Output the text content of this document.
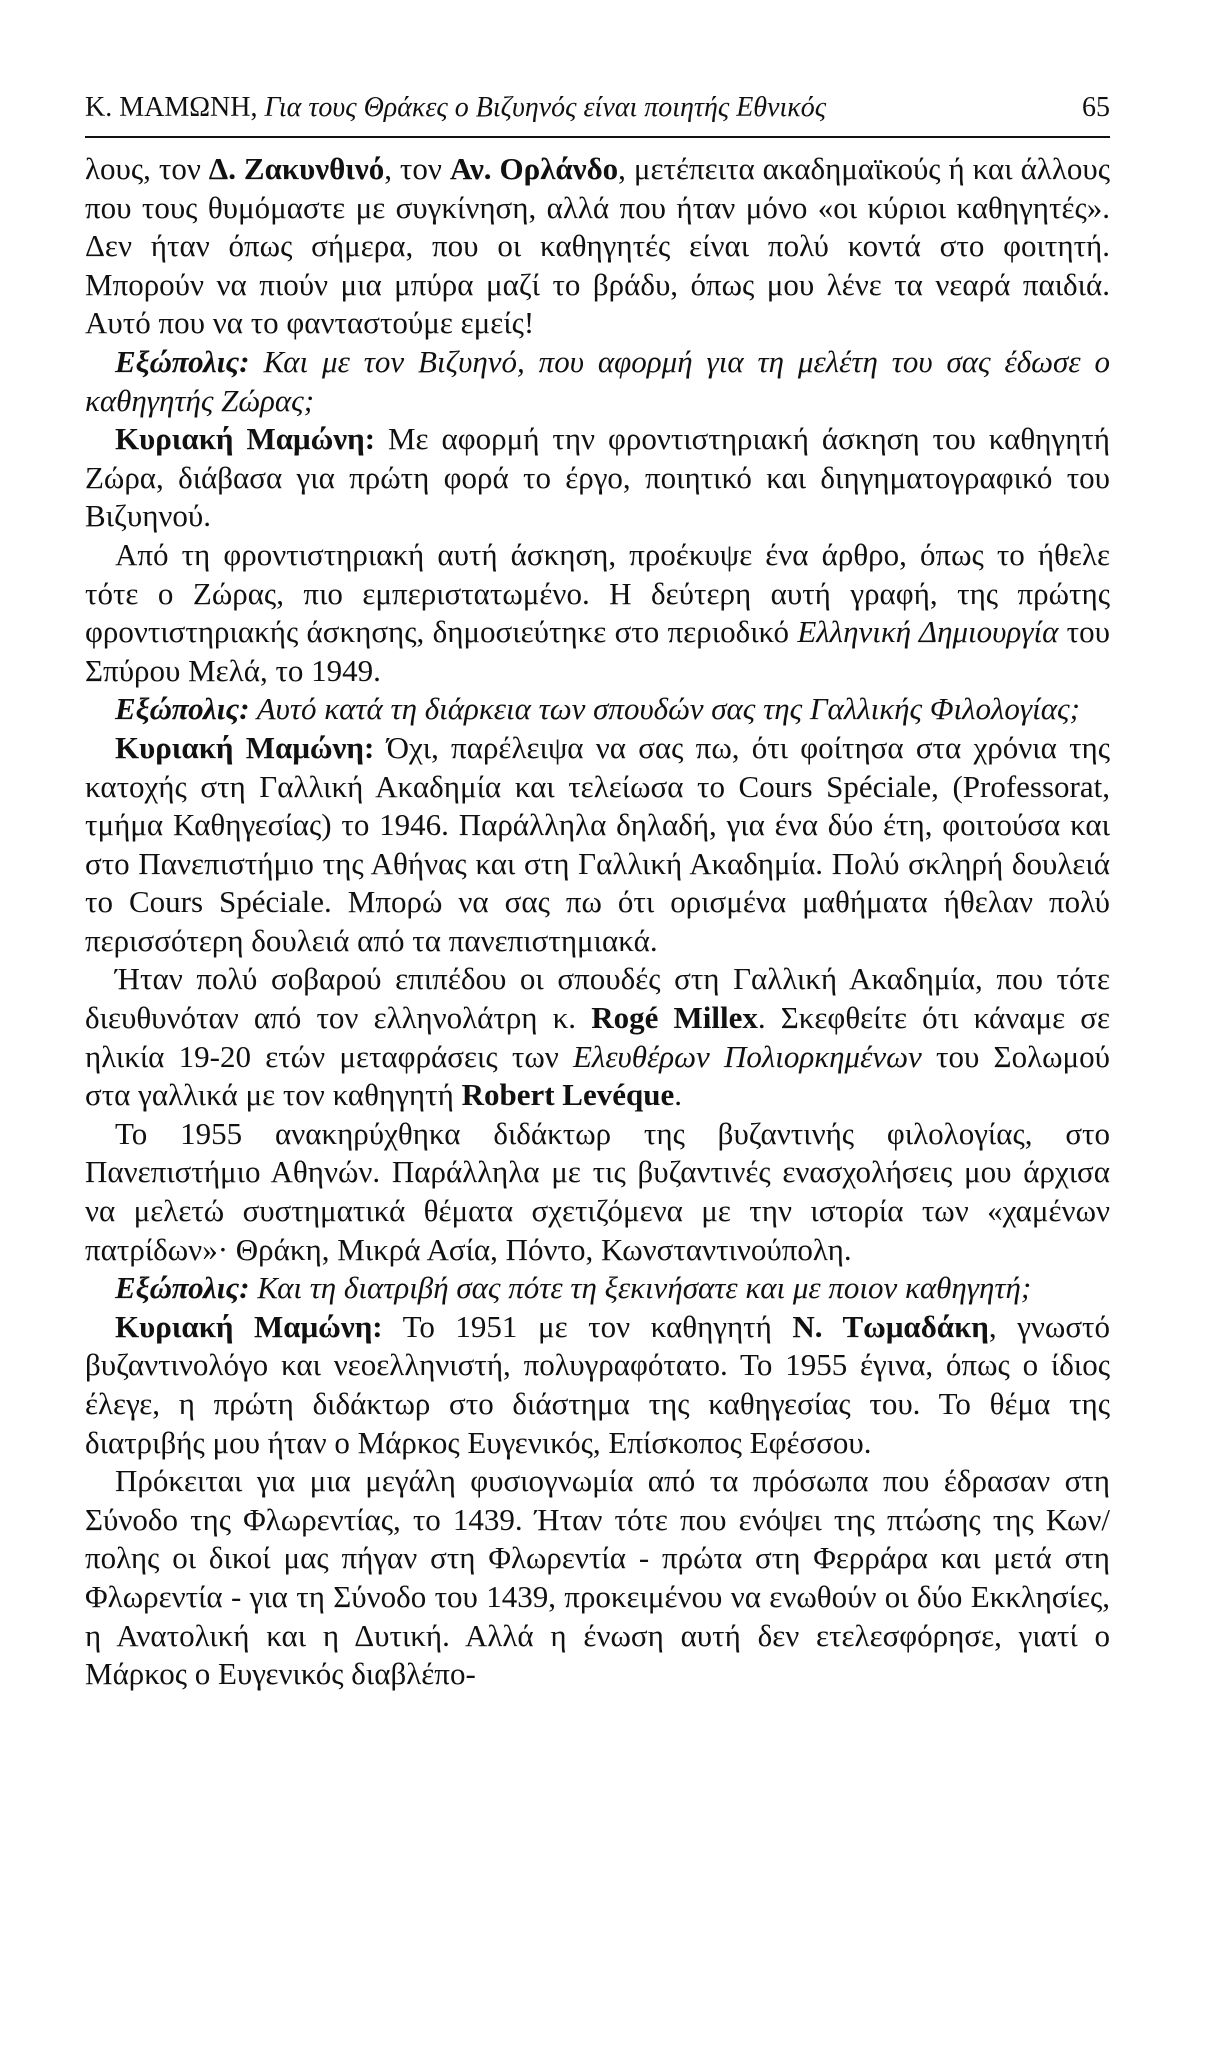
Κ. ΜΑΜΩΝΗ, Για τους Θράκες ο Βιζυηνός είναι ποιητής Εθνικός	65

λους, τον Δ. Ζακυνθινό, τον Αν. Ορλάνδο, μετέπειτα ακαδημαϊκούς ή και άλλους που τους θυμόμαστε με συγκίνηση, αλλά που ήταν μόνο «οι κύριοι καθηγητές». Δεν ήταν όπως σήμερα, που οι καθηγητές είναι πολύ κοντά στο φοιτητή. Μπορούν να πιούν μια μπύρα μαζί το βράδυ, όπως μου λένε τα νεαρά παιδιά. Αυτό που να το φανταστούμε εμείς!

Εξώπολις: Και με τον Βιζυηνό, που αφορμή για τη μελέτη του σας έδωσε ο καθηγητής Ζώρας;

Κυριακή Μαμώνη: Με αφορμή την φροντιστηριακή άσκηση του καθηγητή Ζώρα, διάβασα για πρώτη φορά το έργο, ποιητικό και διηγηματογραφικό του Βιζυηνού.

Από τη φροντιστηριακή αυτή άσκηση, προέκυψε ένα άρθρο, όπως το ήθελε τότε ο Ζώρας, πιο εμπεριστατωμένο. Η δεύτερη αυτή γραφή, της πρώτης φροντιστηριακής άσκησης, δημοσιεύτηκε στο περιοδικό Ελληνική Δημιουργία του Σπύρου Μελά, το 1949.

Εξώπολις: Αυτό κατά τη διάρκεια των σπουδών σας της Γαλλικής Φιλολογίας;

Κυριακή Μαμώνη: Όχι, παρέλειψα να σας πω, ότι φοίτησα στα χρόνια της κατοχής στη Γαλλική Ακαδημία και τελείωσα το Cours Spéciale, (Professorat, τμήμα Καθηγεσίας) το 1946. Παράλληλα δηλαδή, για ένα δύο έτη, φοιτούσα και στο Πανεπιστήμιο της Αθήνας και στη Γαλλική Ακαδημία. Πολύ σκληρή δουλειά το Cours Spéciale. Μπορώ να σας πω ότι ορισμένα μαθήματα ήθελαν πολύ περισσότερη δουλειά από τα πανεπιστημιακά.

Ήταν πολύ σοβαρού επιπέδου οι σπουδές στη Γαλλική Ακαδημία, που τότε διευθυνόταν από τον ελληνολάτρη κ. Rogé Millex. Σκεφθείτε ότι κάναμε σε ηλικία 19-20 ετών μεταφράσεις των Ελευθέρων Πολιορκημένων του Σολωμού στα γαλλικά με τον καθηγητή Robert Levéque.

Το 1955 ανακηρύχθηκα διδάκτωρ της βυζαντινής φιλολογίας, στο Πανεπιστήμιο Αθηνών. Παράλληλα με τις βυζαντινές ενασχολήσεις μου άρχισα να μελετώ συστηματικά θέματα σχετιζόμενα με την ιστορία των «χαμένων πατρίδων»· Θράκη, Μικρά Ασία, Πόντο, Κωνσταντινούπολη.

Εξώπολις: Και τη διατριβή σας πότε τη ξεκινήσατε και με ποιον καθηγητή;

Κυριακή Μαμώνη: Το 1951 με τον καθηγητή Ν. Τωμαδάκη, γνωστό βυζαντινολόγο και νεοελληνιστή, πολυγραφότατο. Το 1955 έγινα, όπως ο ίδιος έλεγε, η πρώτη διδάκτωρ στο διάστημα της καθηγεσίας του. Το θέμα της διατριβής μου ήταν ο Μάρκος Ευγενικός, Επίσκοπος Εφέσσου.

Πρόκειται για μια μεγάλη φυσιογνωμία από τα πρόσωπα που έδρασαν στη Σύνοδο της Φλωρεντίας, το 1439. Ήταν τότε που ενόψει της πτώσης της Κων/πολης οι δικοί μας πήγαν στη Φλωρεντία - πρώτα στη Φερράρα και μετά στη Φλωρεντία - για τη Σύνοδο του 1439, προκειμένου να ενωθούν οι δύο Εκκλησίες, η Ανατολική και η Δυτική. Αλλά η ένωση αυτή δεν ετελεσφόρησε, γιατί ο Μάρκος ο Ευγενικός διαβλέπο-
